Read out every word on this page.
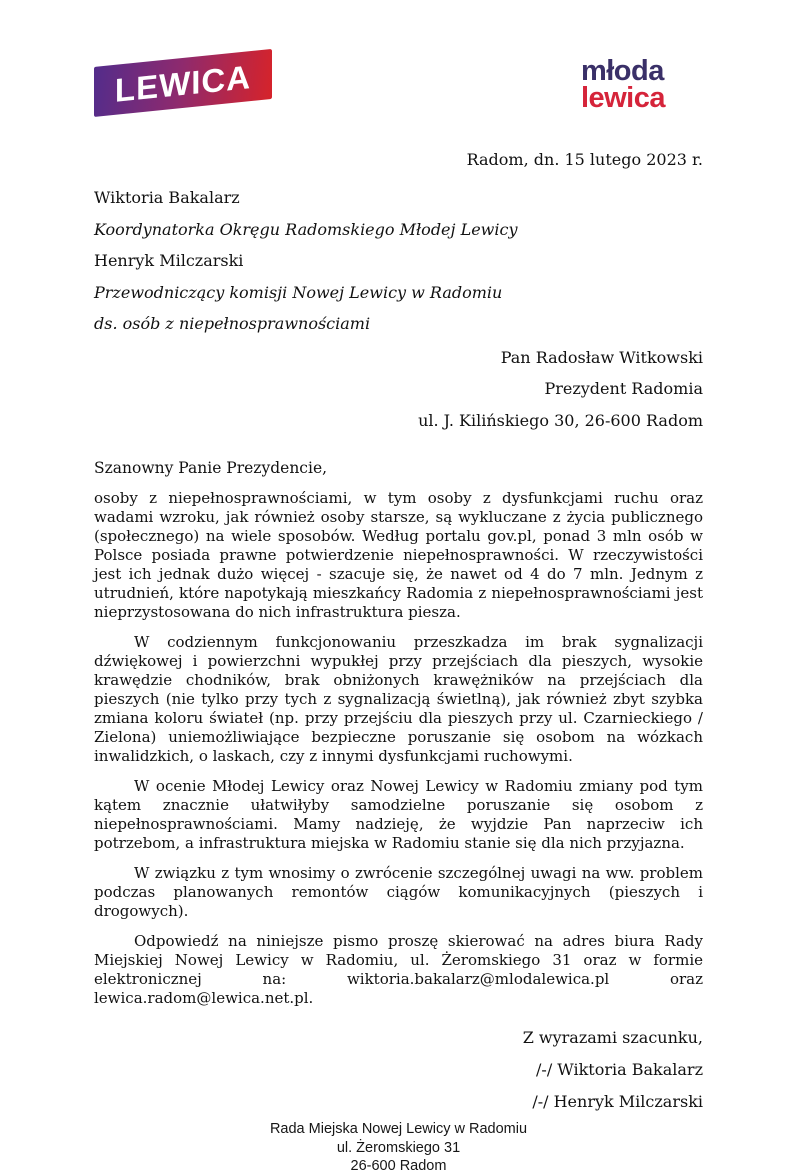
LEWICA	młoda
lewica

Radom, dn. 15 lutego 2023 r.

Wiktoria Bakalarz

Koordynatorka Okręgu Radomskiego Młodej Lewicy

Henryk Milczarski

Przewodniczący komisji Nowej Lewicy w Radomiu

ds. osób z niepełnosprawnościami

Pan Radosław Witkowski

Prezydent Radomia

ul. J. Kilińskiego 30, 26-600 Radom

Szanowny Panie Prezydencie,

osoby z niepełnosprawnościami, w tym osoby z dysfunkcjami ruchu oraz wadami wzroku, jak również osoby starsze, są wykluczane z życia publicznego (społecznego) na wiele sposobów. Według portalu gov.pl, ponad 3 mln osób w Polsce posiada prawne potwierdzenie niepełnosprawności. W rzeczywistości jest ich jednak dużo więcej - szacuje się, że nawet od 4 do 7 mln. Jednym z utrudnień, które napotykają mieszkańcy Radomia z niepełnosprawnościami jest nieprzystosowana do nich infrastruktura piesza.

W codziennym funkcjonowaniu przeszkadza im brak sygnalizacji dźwiękowej i powierzchni wypukłej przy przejściach dla pieszych, wysokie krawędzie chodników, brak obniżonych krawężników na przejściach dla pieszych (nie tylko przy tych z sygnalizacją świetlną), jak również zbyt szybka zmiana koloru świateł (np. przy przejściu dla pieszych przy ul. Czarnieckiego / Zielona) uniemożliwiające bezpieczne poruszanie się osobom na wózkach inwalidzkich, o laskach, czy z innymi dysfunkcjami ruchowymi.

W ocenie Młodej Lewicy oraz Nowej Lewicy w Radomiu zmiany pod tym kątem znacznie ułatwiłyby samodzielne poruszanie się osobom z niepełnosprawnościami. Mamy nadzieję, że wyjdzie Pan naprzeciw ich potrzebom, a infrastruktura miejska w Radomiu stanie się dla nich przyjazna.

W związku z tym wnosimy o zwrócenie szczególnej uwagi na ww. problem podczas planowanych remontów ciągów komunikacyjnych (pieszych i drogowych).

Odpowiedź na niniejsze pismo proszę skierować na adres biura Rady Miejskiej Nowej Lewicy w Radomiu, ul. Żeromskiego 31 oraz w formie elektronicznej na: wiktoria.bakalarz@mlodalewica.pl oraz lewica.radom@lewica.net.pl.

Z wyrazami szacunku,

/-/ Wiktoria Bakalarz

/-/ Henryk Milczarski

Rada Miejska Nowej Lewicy w Radomiu

ul. Żeromskiego 31

26-600 Radom
